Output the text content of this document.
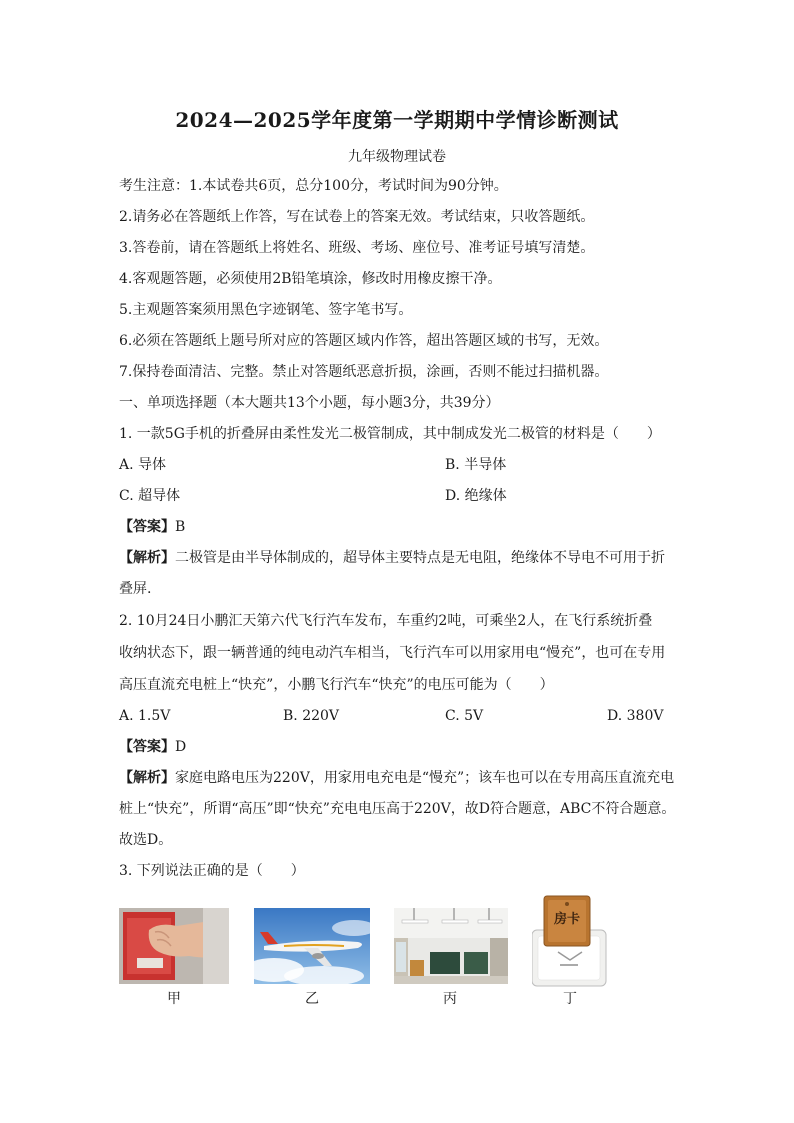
2024—2025学年度第一学期期中学情诊断测试
九年级物理试卷
考生注意：1.本试卷共6页，总分100分，考试时间为90分钟。
2.请务必在答题纸上作答，写在试卷上的答案无效。考试结束，只收答题纸。
3.答卷前，请在答题纸上将姓名、班级、考场、座位号、准考证号填写清楚。
4.客观题答题，必须使用2B铅笔填涂，修改时用橡皮擦干净。
5.主观题答案须用黑色字迹钢笔、签字笔书写。
6.必须在答题纸上题号所对应的答题区域内作答，超出答题区域的书写，无效。
7.保持卷面清洁、完整。禁止对答题纸恶意折损，涂画，否则不能过扫描机器。
一、单项选择题（本大题共13个小题，每小题3分，共39分）
1. 一款5G手机的折叠屏由柔性发光二极管制成，其中制成发光二极管的材料是（　　）
A. 导体	B. 半导体
C. 超导体	D. 绝缘体
【答案】B
【解析】二极管是由半导体制成的，超导体主要特点是无电阻，绝缘体不导电不可用于折
叠屏.
2. 10月24日小鹏汇天第六代飞行汽车发布，车重约2吨，可乘坐2人，在飞行系统折叠
收纳状态下，跟一辆普通的纯电动汽车相当，飞行汽车可以用家用电“慢充”，也可在专用
高压直流充电桩上“快充”，小鹏飞行汽车“快充”的电压可能为（　　）
A. 1.5V	B. 220V	C. 5V	D. 380V
【答案】D
【解析】家庭电路电压为220V，用家用电充电是“慢充”；该车也可以在专用高压直流充电
桩上“快充”，所谓“高压”即“快充”充电电压高于220V，故D符合题意，ABC不符合题意。
故选D。
3. 下列说法正确的是（　　）
甲	乙	丙
房卡
丁
